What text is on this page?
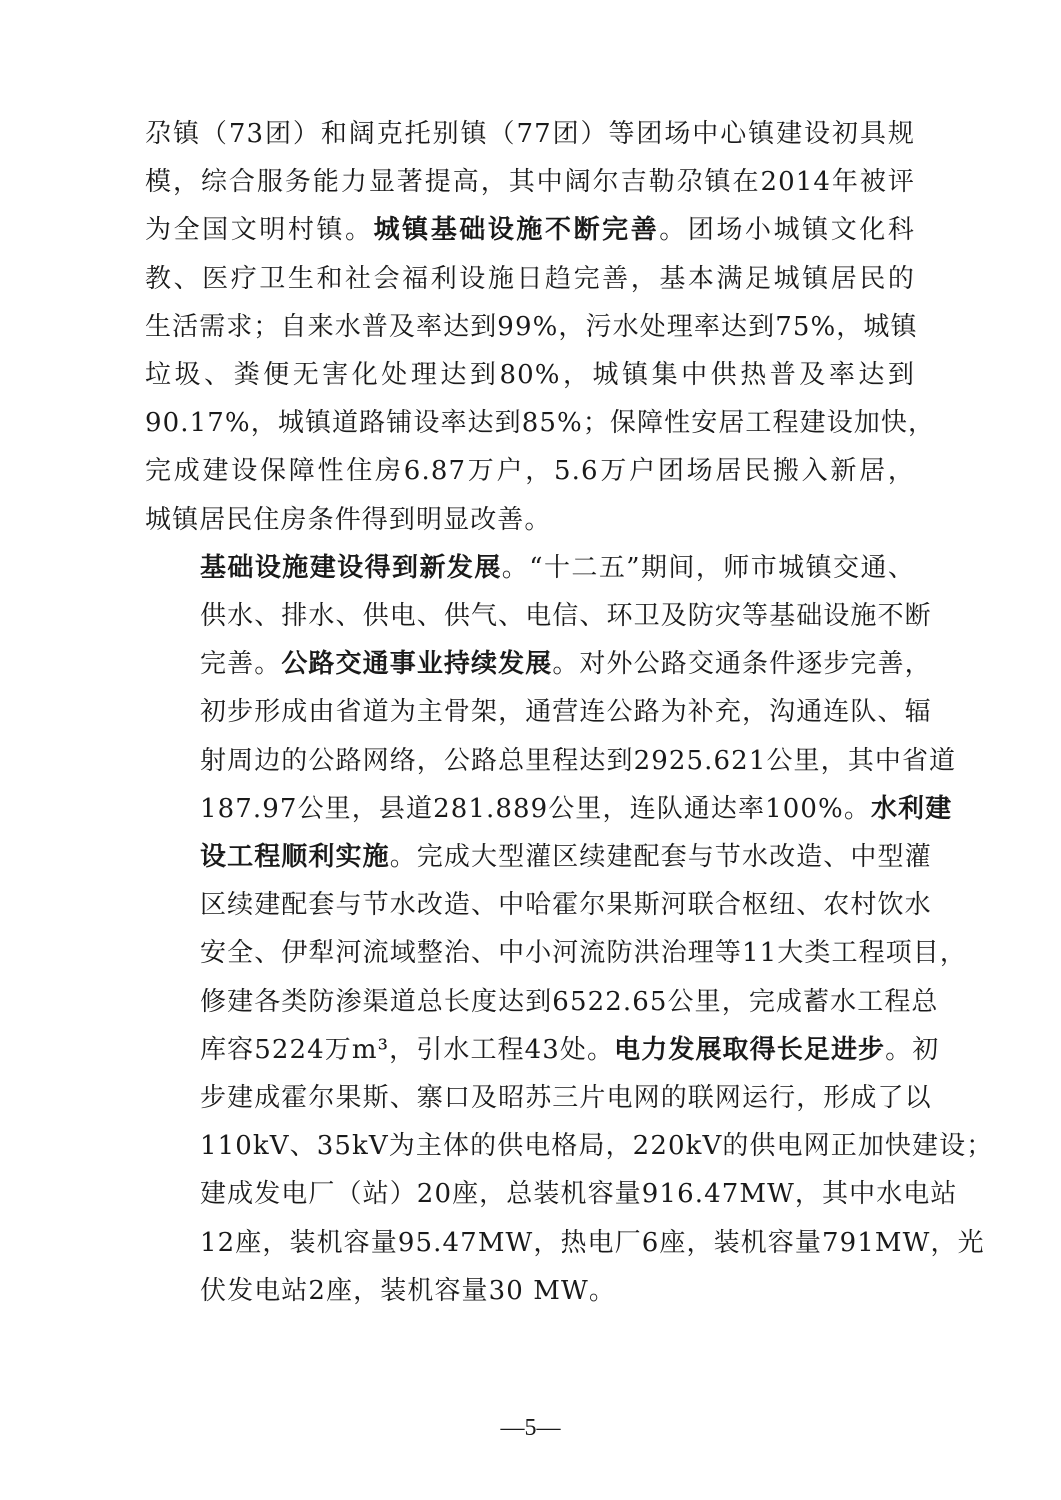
尕镇（73团）和阔克托别镇（77团）等团场中心镇建设初具规
模，综合服务能力显著提高，其中阔尔吉勒尕镇在2014年被评
为全国文明村镇。城镇基础设施不断完善。团场小城镇文化科
教、医疗卫生和社会福利设施日趋完善，基本满足城镇居民的
生活需求；自来水普及率达到99%，污水处理率达到75%，城镇
垃圾、粪便无害化处理达到80%，城镇集中供热普及率达到
90.17%，城镇道路铺设率达到85%；保障性安居工程建设加快，
完成建设保障性住房6.87万户，5.6万户团场居民搬入新居，
城镇居民住房条件得到明显改善。
基础设施建设得到新发展。“十二五”期间，师市城镇交通、
供水、排水、供电、供气、电信、环卫及防灾等基础设施不断
完善。公路交通事业持续发展。对外公路交通条件逐步完善，
初步形成由省道为主骨架，通营连公路为补充，沟通连队、辐
射周边的公路网络，公路总里程达到2925.621公里，其中省道
187.97公里，县道281.889公里，连队通达率100%。水利建
设工程顺利实施。完成大型灌区续建配套与节水改造、中型灌
区续建配套与节水改造、中哈霍尔果斯河联合枢纽、农村饮水
安全、伊犁河流域整治、中小河流防洪治理等11大类工程项目，
修建各类防渗渠道总长度达到6522.65公里，完成蓄水工程总
库容5224万m³，引水工程43处。电力发展取得长足进步。初
步建成霍尔果斯、寨口及昭苏三片电网的联网运行，形成了以
110kV、35kV为主体的供电格局，220kV的供电网正加快建设；
建成发电厂（站）20座，总装机容量916.47MW，其中水电站
12座，装机容量95.47MW，热电厂6座，装机容量791MW，光
伏发电站2座，装机容量30 MW。
—5—
